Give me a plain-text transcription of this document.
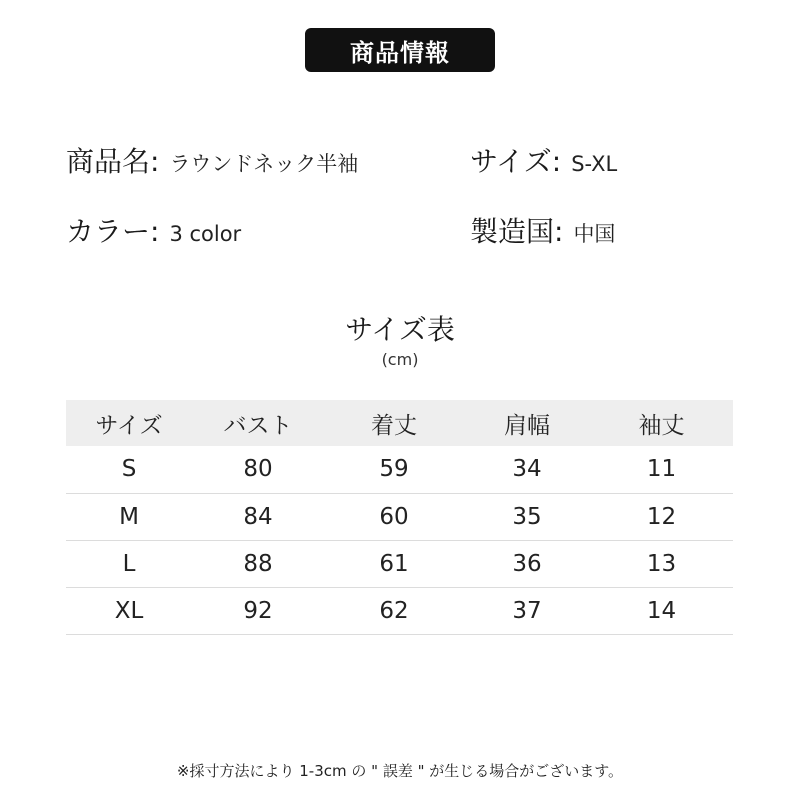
商品情報
商品名: ラウンドネック半袖	サイズ: S-XL
カラー: 3 color	製造国: 中国
サイズ表
(cm)
サイズ	バスト	着丈	肩幅	袖丈
S	80	59	34	11
M	84	60	35	12
L	88	61	36	13
XL	92	62	37	14
※採寸方法により 1-3cm の " 誤差 " が生じる場合がございます。
